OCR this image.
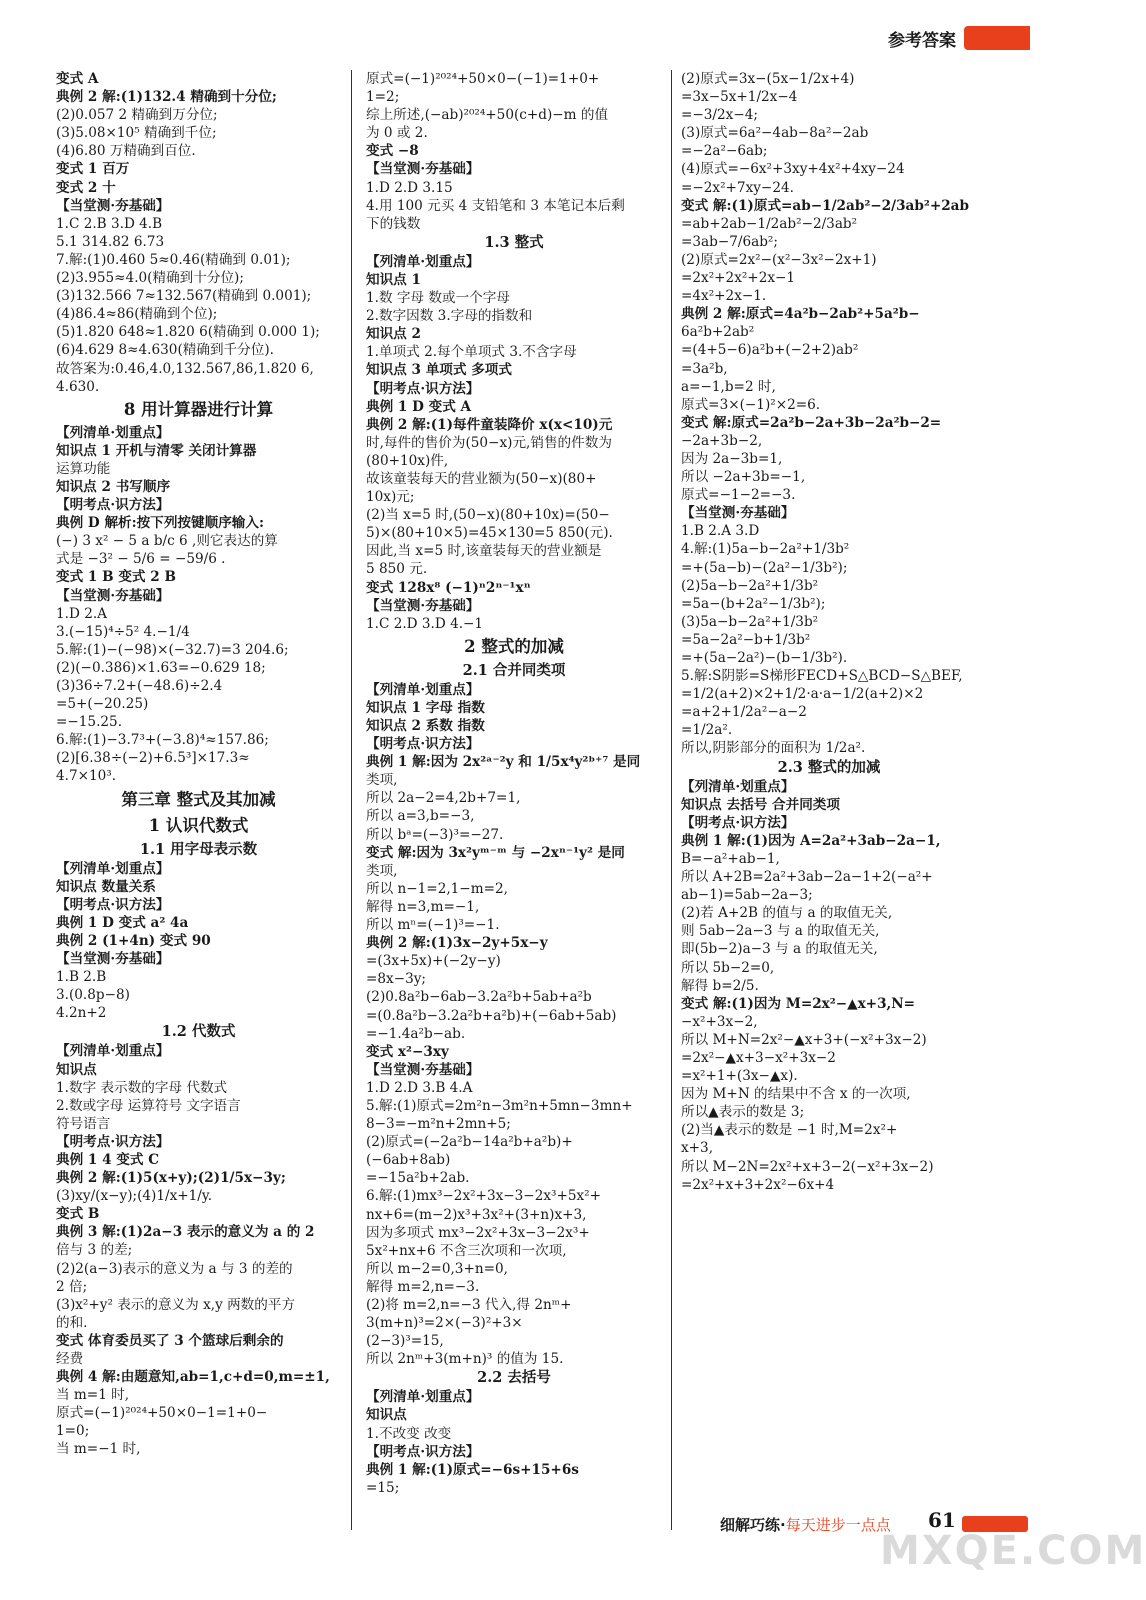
参考答案
变式 A
典例 2 解:(1)132.4 精确到十分位;
(2)0.057 2 精确到万分位;
(3)5.08×10⁵ 精确到千位;
(4)6.80 万精确到百位.
变式 1 百万
变式 2 十
【当堂测·夯基础】
1.C 2.B 3.D 4.B
5.1 314.82 6.73
7.解:(1)0.460 5≈0.46(精确到 0.01);
(2)3.955≈4.0(精确到十分位);
(3)132.566 7≈132.567(精确到 0.001);
(4)86.4≈86(精确到个位);
(5)1.820 648≈1.820 6(精确到 0.000 1);
(6)4.629 8≈4.630(精确到千分位).
故答案为:0.46,4.0,132.567,86,1.820 6,
4.630.
8 用计算器进行计算
【列清单·划重点】
知识点 1 开机与清零 关闭计算器
运算功能
知识点 2 书写顺序
【明考点·识方法】
典例 D 解析:按下列按键顺序输入:
(−) 3 x² − 5 a b/c 6 ,则它表达的算
式是 −3² − 5/6 = −59/6 .
变式 1 B 变式 2 B
【当堂测·夯基础】
1.D 2.A
3.(−15)⁴÷5² 4.−1/4
5.解:(1)−(−98)×(−32.7)=3 204.6;
(2)(−0.386)×1.63=−0.629 18;
(3)36÷7.2+(−48.6)÷2.4
=5+(−20.25)
=−15.25.
6.解:(1)−3.7³+(−3.8)⁴≈157.86;
(2)[6.38÷(−2)+6.5³]×17.3≈
4.7×10³.
第三章 整式及其加减
1 认识代数式
1.1 用字母表示数
【列清单·划重点】
知识点 数量关系
【明考点·识方法】
典例 1 D 变式 a² 4a
典例 2 (1+4n) 变式 90
【当堂测·夯基础】
1.B 2.B
3.(0.8p−8)
4.2n+2
1.2 代数式
【列清单·划重点】
知识点
1.数字 表示数的字母 代数式
2.数或字母 运算符号 文字语言
符号语言
【明考点·识方法】
典例 1 4 变式 C
典例 2 解:(1)5(x+y);(2)1/5x−3y;
(3)xy/(x−y);(4)1/x+1/y.
变式 B
典例 3 解:(1)2a−3 表示的意义为 a 的 2
倍与 3 的差;
(2)2(a−3)表示的意义为 a 与 3 的差的
2 倍;
(3)x²+y² 表示的意义为 x,y 两数的平方
的和.
变式 体育委员买了 3 个篮球后剩余的
经费
典例 4 解:由题意知,ab=1,c+d=0,m=±1,
当 m=1 时,
原式=(−1)²⁰²⁴+50×0−1=1+0−
1=0;
当 m=−1 时,
原式=(−1)²⁰²⁴+50×0−(−1)=1+0+
1=2;
综上所述,(−ab)²⁰²⁴+50(c+d)−m 的值
为 0 或 2.
变式 −8
【当堂测·夯基础】
1.D 2.D 3.15
4.用 100 元买 4 支铅笔和 3 本笔记本后剩
下的钱数
1.3 整式
【列清单·划重点】
知识点 1
1.数 字母 数或一个字母
2.数字因数 3.字母的指数和
知识点 2
1.单项式 2.每个单项式 3.不含字母
知识点 3 单项式 多项式
【明考点·识方法】
典例 1 D 变式 A
典例 2 解:(1)每件童装降价 x(x<10)元
时,每件的售价为(50−x)元,销售的件数为
(80+10x)件,
故该童装每天的营业额为(50−x)(80+
10x)元;
(2)当 x=5 时,(50−x)(80+10x)=(50−
5)×(80+10×5)=45×130=5 850(元).
因此,当 x=5 时,该童装每天的营业额是
5 850 元.
变式 128x⁸ (−1)ⁿ2ⁿ⁻¹xⁿ
【当堂测·夯基础】
1.C 2.D 3.D 4.−1
2 整式的加减
2.1 合并同类项
【列清单·划重点】
知识点 1 字母 指数
知识点 2 系数 指数
【明考点·识方法】
典例 1 解:因为 2x²ᵃ⁻²y 和 1/5x⁴y²ᵇ⁺⁷ 是同
类项,
所以 2a−2=4,2b+7=1,
所以 a=3,b=−3,
所以 bᵃ=(−3)³=−27.
变式 解:因为 3x²yᵐ⁻ᵐ 与 −2xⁿ⁻¹y² 是同
类项,
所以 n−1=2,1−m=2,
解得 n=3,m=−1,
所以 mⁿ=(−1)³=−1.
典例 2 解:(1)3x−2y+5x−y
=(3x+5x)+(−2y−y)
=8x−3y;
(2)0.8a²b−6ab−3.2a²b+5ab+a²b
=(0.8a²b−3.2a²b+a²b)+(−6ab+5ab)
=−1.4a²b−ab.
变式 x²−3xy
【当堂测·夯基础】
1.D 2.D 3.B 4.A
5.解:(1)原式=2m²n−3m²n+5mn−3mn+
8−3=−m²n+2mn+5;
(2)原式=(−2a²b−14a²b+a²b)+
(−6ab+8ab)
=−15a²b+2ab.
6.解:(1)mx³−2x²+3x−3−2x³+5x²+
nx+6=(m−2)x³+3x²+(3+n)x+3,
因为多项式 mx³−2x²+3x−3−2x³+
5x²+nx+6 不含三次项和一次项,
所以 m−2=0,3+n=0,
解得 m=2,n=−3.
(2)将 m=2,n=−3 代入,得 2nᵐ+
3(m+n)³=2×(−3)²+3×
(2−3)³=15,
所以 2nᵐ+3(m+n)³ 的值为 15.
2.2 去括号
【列清单·划重点】
知识点
1.不改变 改变
【明考点·识方法】
典例 1 解:(1)原式=−6s+15+6s
=15;
(2)原式=3x−(5x−1/2x+4)
=3x−5x+1/2x−4
=−3/2x−4;
(3)原式=6a²−4ab−8a²−2ab
=−2a²−6ab;
(4)原式=−6x²+3xy+4x²+4xy−24
=−2x²+7xy−24.
变式 解:(1)原式=ab−1/2ab²−2/3ab²+2ab
=ab+2ab−1/2ab²−2/3ab²
=3ab−7/6ab²;
(2)原式=2x²−(x²−3x²−2x+1)
=2x²+2x²+2x−1
=4x²+2x−1.
典例 2 解:原式=4a²b−2ab²+5a²b−
6a²b+2ab²
=(4+5−6)a²b+(−2+2)ab²
=3a²b,
a=−1,b=2 时,
原式=3×(−1)²×2=6.
变式 解:原式=2a²b−2a+3b−2a²b−2=
−2a+3b−2,
因为 2a−3b=1,
所以 −2a+3b=−1,
原式=−1−2=−3.
【当堂测·夯基础】
1.B 2.A 3.D
4.解:(1)5a−b−2a²+1/3b²
=+(5a−b)−(2a²−1/3b²);
(2)5a−b−2a²+1/3b²
=5a−(b+2a²−1/3b²);
(3)5a−b−2a²+1/3b²
=5a−2a²−b+1/3b²
=+(5a−2a²)−(b−1/3b²).
5.解:S阴影=S梯形FECD+S△BCD−S△BEF,
=1/2(a+2)×2+1/2·a·a−1/2(a+2)×2
=a+2+1/2a²−a−2
=1/2a².
所以,阴影部分的面积为 1/2a².
2.3 整式的加减
【列清单·划重点】
知识点 去括号 合并同类项
【明考点·识方法】
典例 1 解:(1)因为 A=2a²+3ab−2a−1,
B=−a²+ab−1,
所以 A+2B=2a²+3ab−2a−1+2(−a²+
ab−1)=5ab−2a−3;
(2)若 A+2B 的值与 a 的取值无关,
则 5ab−2a−3 与 a 的取值无关,
即(5b−2)a−3 与 a 的取值无关,
所以 5b−2=0,
解得 b=2/5.
变式 解:(1)因为 M=2x²−▲x+3,N=
−x²+3x−2,
所以 M+N=2x²−▲x+3+(−x²+3x−2)
=2x²−▲x+3−x²+3x−2
=x²+1+(3x−▲x).
因为 M+N 的结果中不含 x 的一次项,
所以▲表示的数是 3;
(2)当▲表示的数是 −1 时,M=2x²+
x+3,
所以 M−2N=2x²+x+3−2(−x²+3x−2)
=2x²+x+3+2x²−6x+4
细解巧练·每天进步一点点 61
MXQE.COM
